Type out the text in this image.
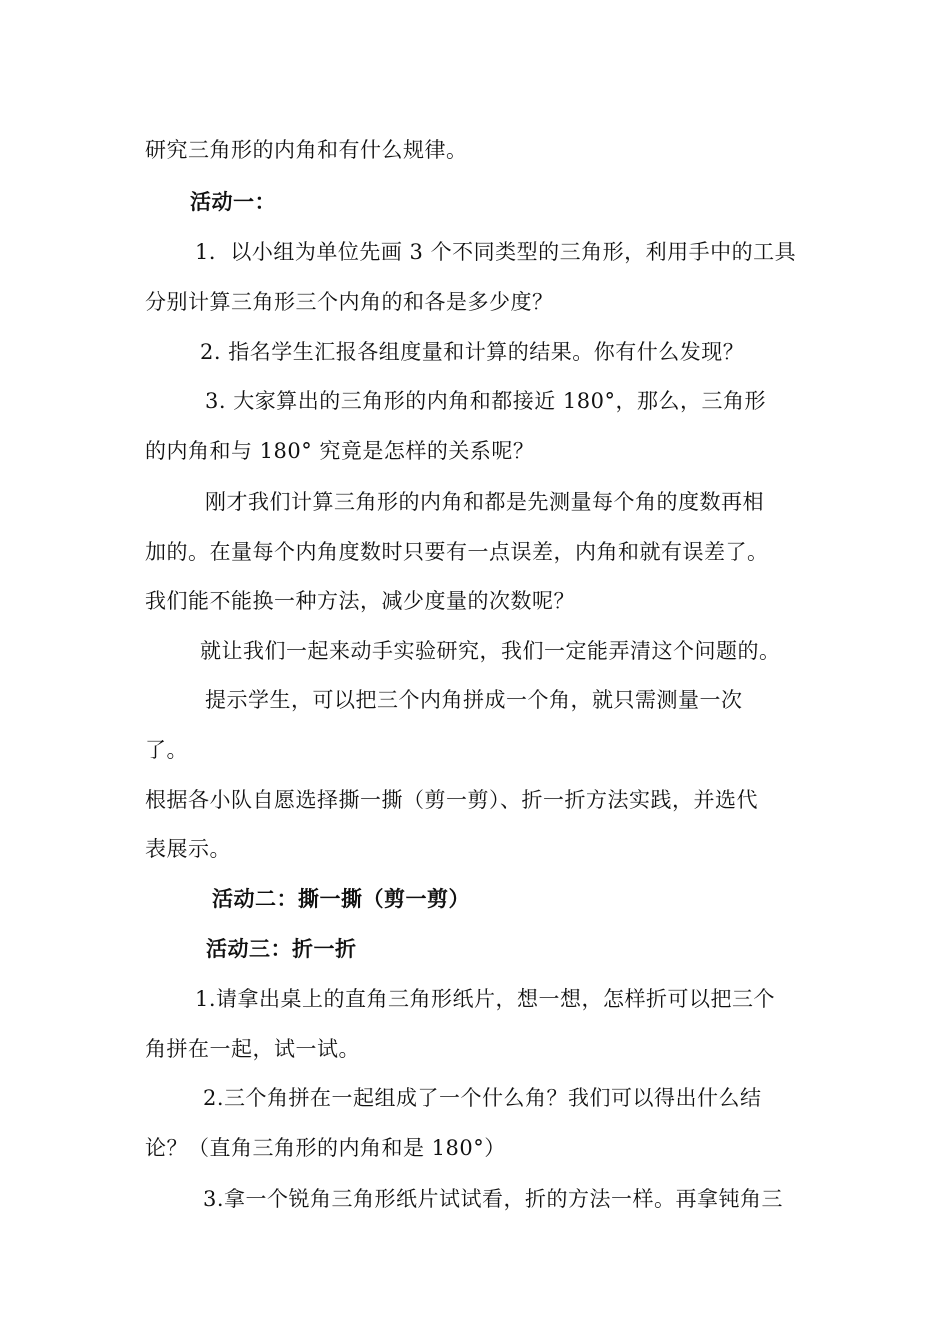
研究三角形的内角和有什么规律。
活动一：
1．以小组为单位先画 3 个不同类型的三角形，利用手中的工具
分别计算三角形三个内角的和各是多少度？
2. 指名学生汇报各组度量和计算的结果。你有什么发现？
3. 大家算出的三角形的内角和都接近 180°，那么，三角形
的内角和与 180° 究竟是怎样的关系呢？
刚才我们计算三角形的内角和都是先测量每个角的度数再相
加的。在量每个内角度数时只要有一点误差，内角和就有误差了。
我们能不能换一种方法，减少度量的次数呢？
就让我们一起来动手实验研究，我们一定能弄清这个问题的。
提示学生，可以把三个内角拼成一个角，就只需测量一次
了。
根据各小队自愿选择撕一撕（剪一剪）、折一折方法实践，并选代
表展示。
活动二：撕一撕（剪一剪）
活动三：折一折
1.请拿出桌上的直角三角形纸片，想一想，怎样折可以把三个
角拼在一起，试一试。
2.三个角拼在一起组成了一个什么角？我们可以得出什么结
论？（直角三角形的内角和是 180°）
3.拿一个锐角三角形纸片试试看，折的方法一样。再拿钝角三
